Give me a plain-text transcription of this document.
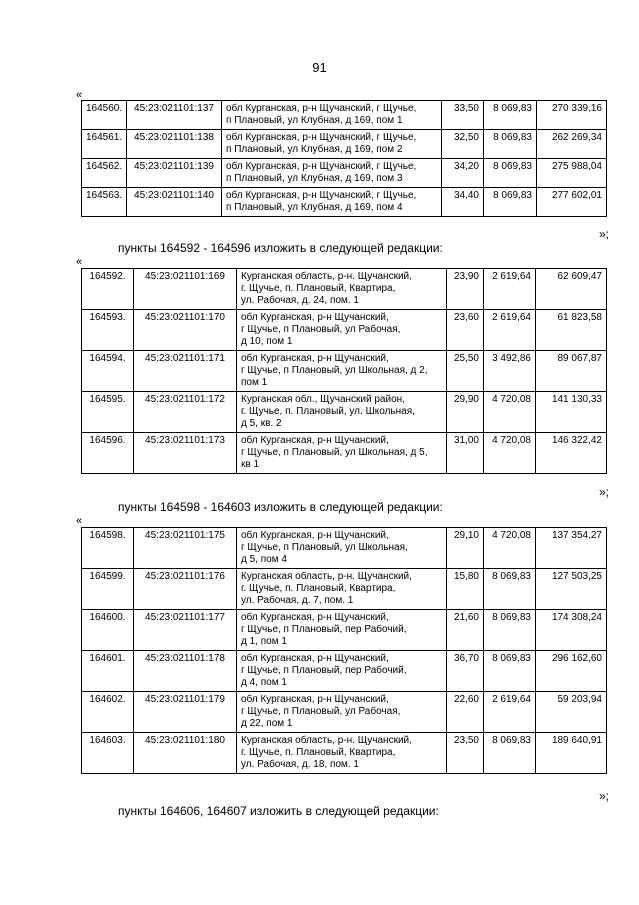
91
«
164560.	45:23:021101:137	обл Курганская, р-н Щучанский, г Щучье,
п Плановый, ул Клубная, д 169, пом 1	33,50	8 069,83	270 339,16
164561.	45:23:021101:138	обл Курганская, р-н Щучанский, г Щучье,
п Плановый, ул Клубная, д 169, пом 2	32,50	8 069,83	262 269,34
164562.	45:23:021101:139	обл Курганская, р-н Щучанский, г Щучье,
п Плановый, ул Клубная, д 169, пом 3	34,20	8 069,83	275 988,04
164563.	45:23:021101:140	обл Курганская, р-н Щучанский, г Щучье,
п Плановый, ул Клубная, д 169, пом 4	34,40	8 069,83	277 602,01
»;
пункты 164592 - 164596 изложить в следующей редакции:
«
164592.	45:23:021101:169	Курганская область, р-н. Щучанский,
г. Щучье, п. Плановый, Квартира,
ул. Рабочая, д. 24, пом. 1	23,90	2 619,64	62 609,47
164593.	45:23:021101:170	обл Курганская, р-н Щучанский,
г Щучье, п Плановый, ул Рабочая,
д 10, пом 1	23,60	2 619,64	61 823,58
164594.	45:23:021101:171	обл Курганская, р-н Щучанский,
г Щучье, п Плановый, ул Школьная, д 2,
пом 1	25,50	3 492,86	89 067,87
164595.	45:23:021101:172	Курганская обл., Щучанский район,
г. Щучье, п. Плановый, ул. Школьная,
д 5, кв. 2	29,90	4 720,08	141 130,33
164596.	45:23:021101:173	обл Курганская, р-н Щучанский,
г Щучье, п Плановый, ул Школьная, д 5,
кв 1	31,00	4 720,08	146 322,42
»;
пункты 164598 - 164603 изложить в следующей редакции:
«
164598.	45:23:021101:175	обл Курганская, р-н Щучанский,
г Щучье, п Плановый, ул Школьная,
д 5, пом 4	29,10	4 720,08	137 354,27
164599.	45:23:021101:176	Курганская область, р-н. Щучанский,
г. Щучье, п. Плановый, Квартира,
ул. Рабочая, д. 7, пом. 1	15,80	8 069,83	127 503,25
164600.	45:23:021101:177	обл Курганская, р-н Щучанский,
г Щучье, п Плановый, пер Рабочий,
д 1, пом 1	21,60	8 069,83	174 308,24
164601.	45:23:021101:178	обл Курганская, р-н Щучанский,
г Щучье, п Плановый, пер Рабочий,
д 4, пом 1	36,70	8 069,83	296 162,60
164602.	45:23:021101:179	обл Курганская, р-н Щучанский,
г Щучье, п Плановый, ул Рабочая,
д 22, пом 1	22,60	2 619,64	59 203,94
164603.	45:23:021101:180	Курганская область, р-н. Щучанский,
г. Щучье, п. Плановый, Квартира,
ул. Рабочая, д. 18, пом. 1	23,50	8 069,83	189 640,91
»;
пункты 164606, 164607 изложить в следующей редакции:
